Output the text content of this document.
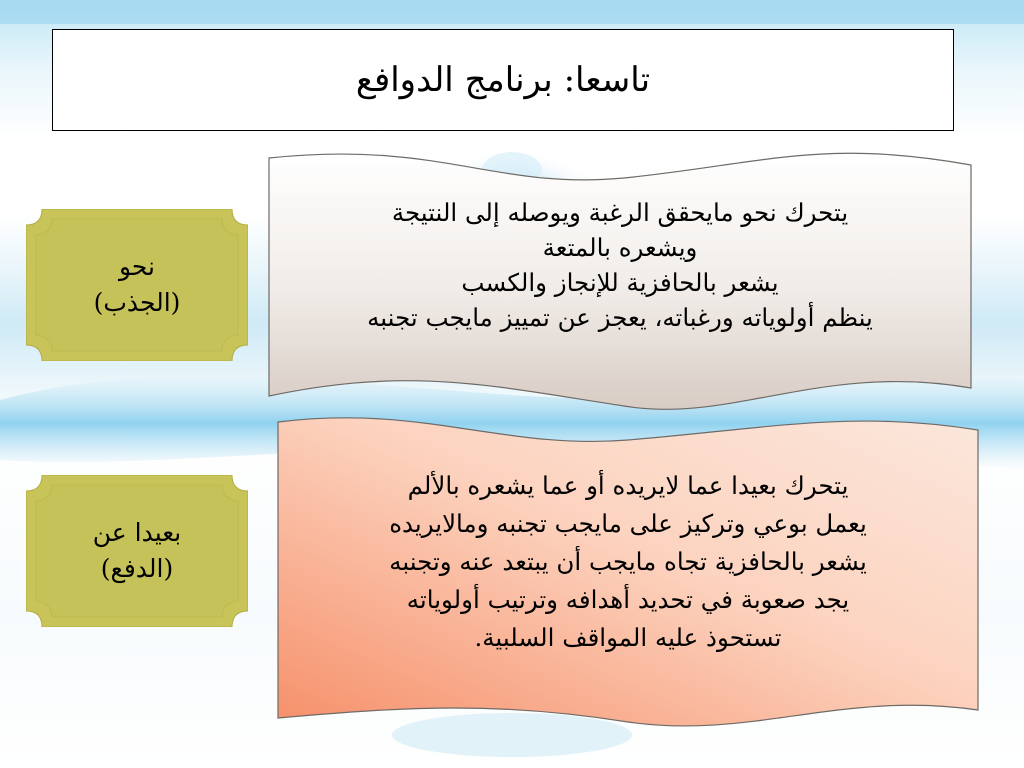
تاسعا: برنامج الدوافع
نحو
(الجذب)
بعيدا عن
(الدفع)
يتحرك نحو مايحقق الرغبة ويوصله إلى النتيجة
ويشعره بالمتعة
يشعر بالحافزية للإنجاز والكسب
ينظم أولوياته ورغباته، يعجز عن تمييز مايجب تجنبه
يتحرك بعيدا عما لايريده أو عما يشعره بالألم
يعمل بوعي وتركيز على مايجب تجنبه ومالايريده
يشعر بالحافزية تجاه مايجب أن يبتعد عنه وتجنبه
يجد صعوبة في تحديد أهدافه وترتيب أولوياته
تستحوذ عليه المواقف السلبية.
